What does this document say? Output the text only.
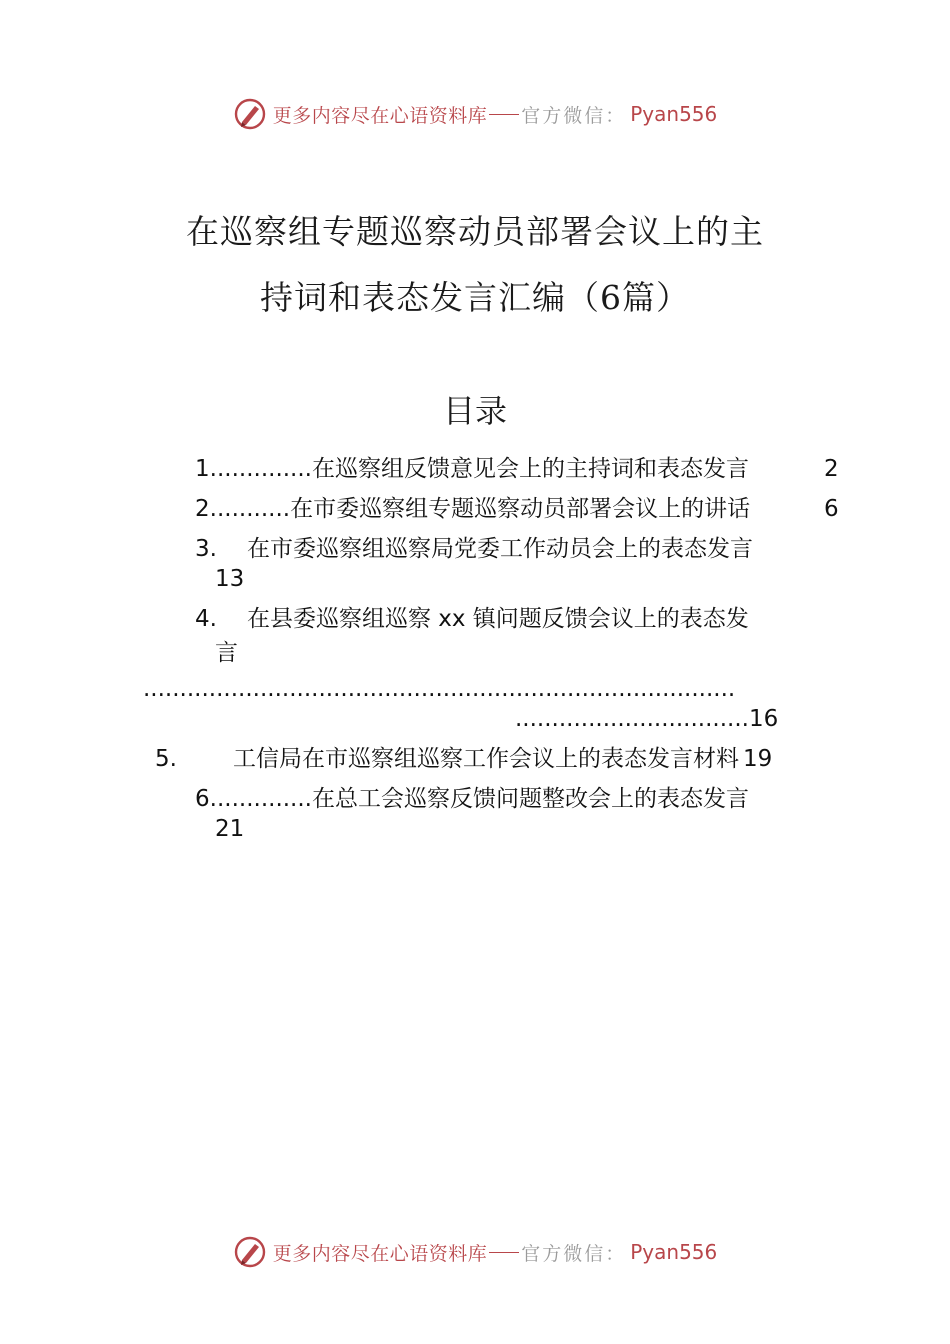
更多内容尽在心语资料库 官方微信： Pyan556
在巡察组专题巡察动员部署会议上的主
持词和表态发言汇编（6篇）
目录
1..............在巡察组反馈意见会上的主持词和表态发言	2
2...........在市委巡察组专题巡察动员部署会议上的讲话	6
3. 在市委巡察组巡察局党委工作动员会上的表态发言
13
4. 在县委巡察组巡察 xx 镇问题反馈会议上的表态发
言
.................................................................................
................................16
5. 工信局在市巡察组巡察工作会议上的表态发言材料 19
6..............在总工会巡察反馈问题整改会上的表态发言
21
更多内容尽在心语资料库 官方微信： Pyan556
